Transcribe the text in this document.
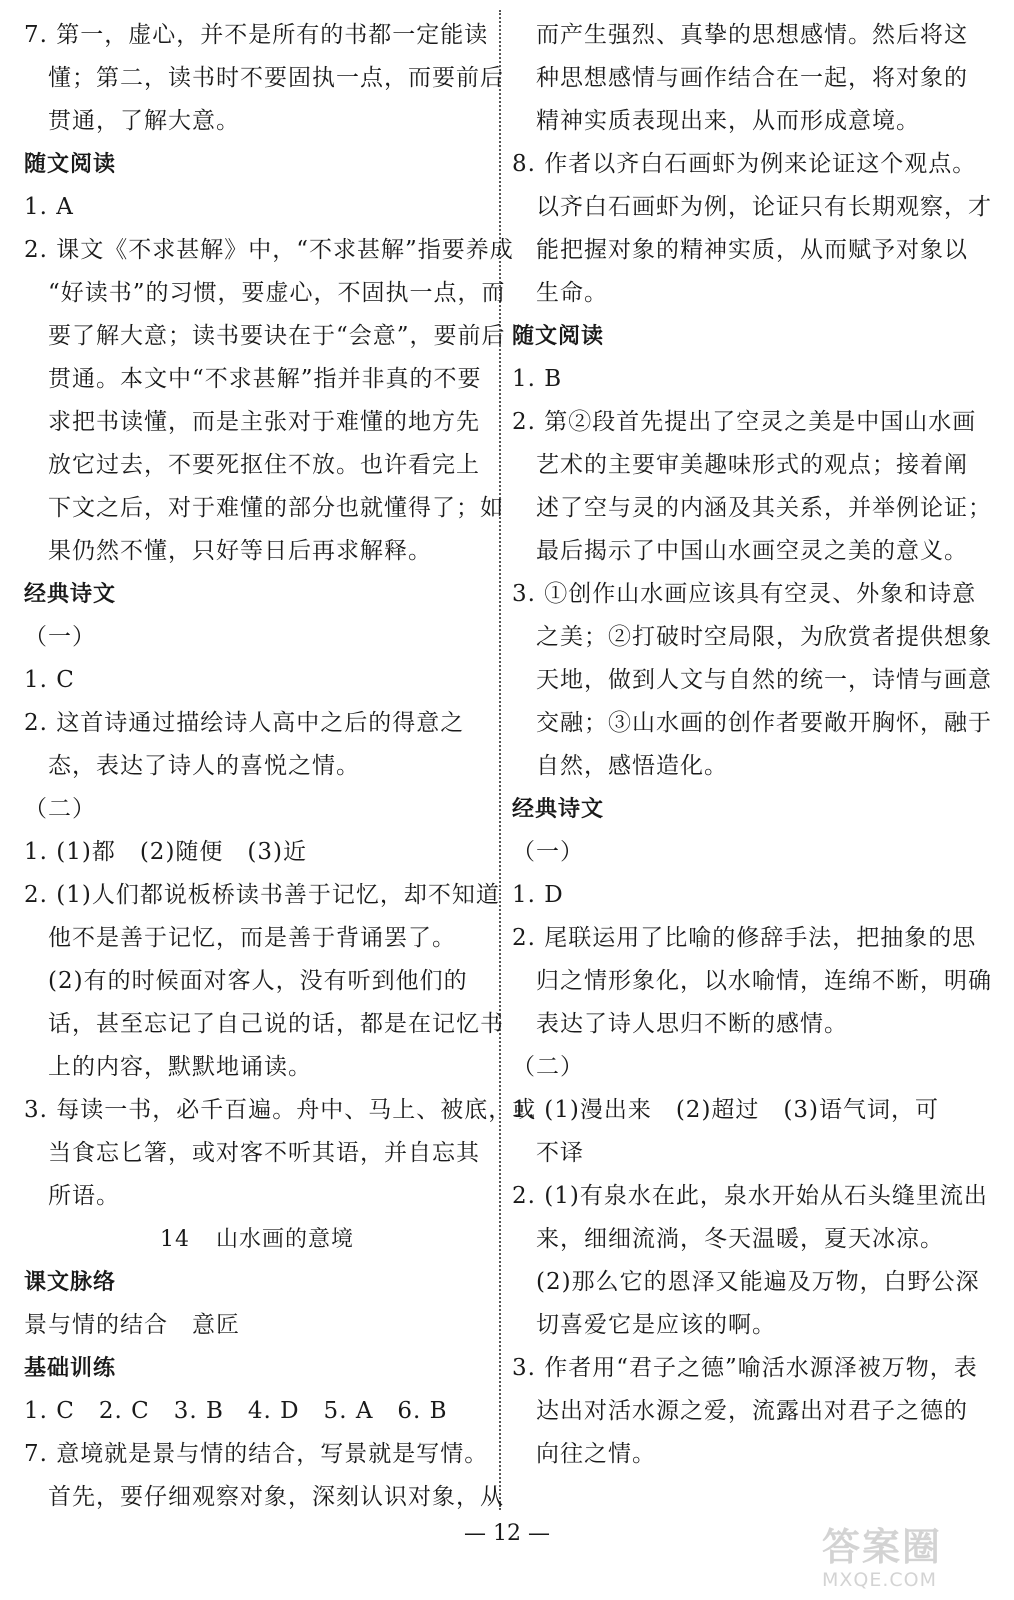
7. 第一，虚心，并不是所有的书都一定能读
懂；第二，读书时不要固执一点，而要前后
贯通，了解大意。
随文阅读
1. A
2. 课文《不求甚解》中，“不求甚解”指要养成
“好读书”的习惯，要虚心，不固执一点，而
要了解大意；读书要诀在于“会意”，要前后
贯通。本文中“不求甚解”指并非真的不要
求把书读懂，而是主张对于难懂的地方先
放它过去，不要死抠住不放。也许看完上
下文之后，对于难懂的部分也就懂得了；如
果仍然不懂，只好等日后再求解释。
经典诗文
（一）
1. C
2. 这首诗通过描绘诗人高中之后的得意之
态，表达了诗人的喜悦之情。
（二）
1. (1)都　(2)随便　(3)近
2. (1)人们都说板桥读书善于记忆，却不知道
他不是善于记忆，而是善于背诵罢了。
(2)有的时候面对客人，没有听到他们的
话，甚至忘记了自己说的话，都是在记忆书
上的内容，默默地诵读。
3. 每读一书，必千百遍。舟中、马上、被底，或
当食忘匕箸，或对客不听其语，并自忘其
所语。
14 山水画的意境
课文脉络
景与情的结合 意匠
基础训练
1. C　2. C　3. B　4. D　5. A　6. B
7. 意境就是景与情的结合，写景就是写情。
首先，要仔细观察对象，深刻认识对象，从
而产生强烈、真挚的思想感情。然后将这
种思想感情与画作结合在一起，将对象的
精神实质表现出来，从而形成意境。
8. 作者以齐白石画虾为例来论证这个观点。
以齐白石画虾为例，论证只有长期观察，才
能把握对象的精神实质，从而赋予对象以
生命。
随文阅读
1. B
2. 第②段首先提出了空灵之美是中国山水画
艺术的主要审美趣味形式的观点；接着阐
述了空与灵的内涵及其关系，并举例论证；
最后揭示了中国山水画空灵之美的意义。
3. ①创作山水画应该具有空灵、外象和诗意
之美；②打破时空局限，为欣赏者提供想象
天地，做到人文与自然的统一，诗情与画意
交融；③山水画的创作者要敞开胸怀，融于
自然，感悟造化。
经典诗文
（一）
1. D
2. 尾联运用了比喻的修辞手法，把抽象的思
归之情形象化，以水喻情，连绵不断，明确
表达了诗人思归不断的感情。
（二）
1. (1)漫出来　(2)超过　(3)语气词，可
不译
2. (1)有泉水在此，泉水开始从石头缝里流出
来，细细流淌，冬天温暖，夏天冰凉。
(2)那么它的恩泽又能遍及万物，白野公深
切喜爱它是应该的啊。
3. 作者用“君子之德”喻活水源泽被万物，表
达出对活水源之爱，流露出对君子之德的
向往之情。
— 12 —	答案圈
MXQE.COM
